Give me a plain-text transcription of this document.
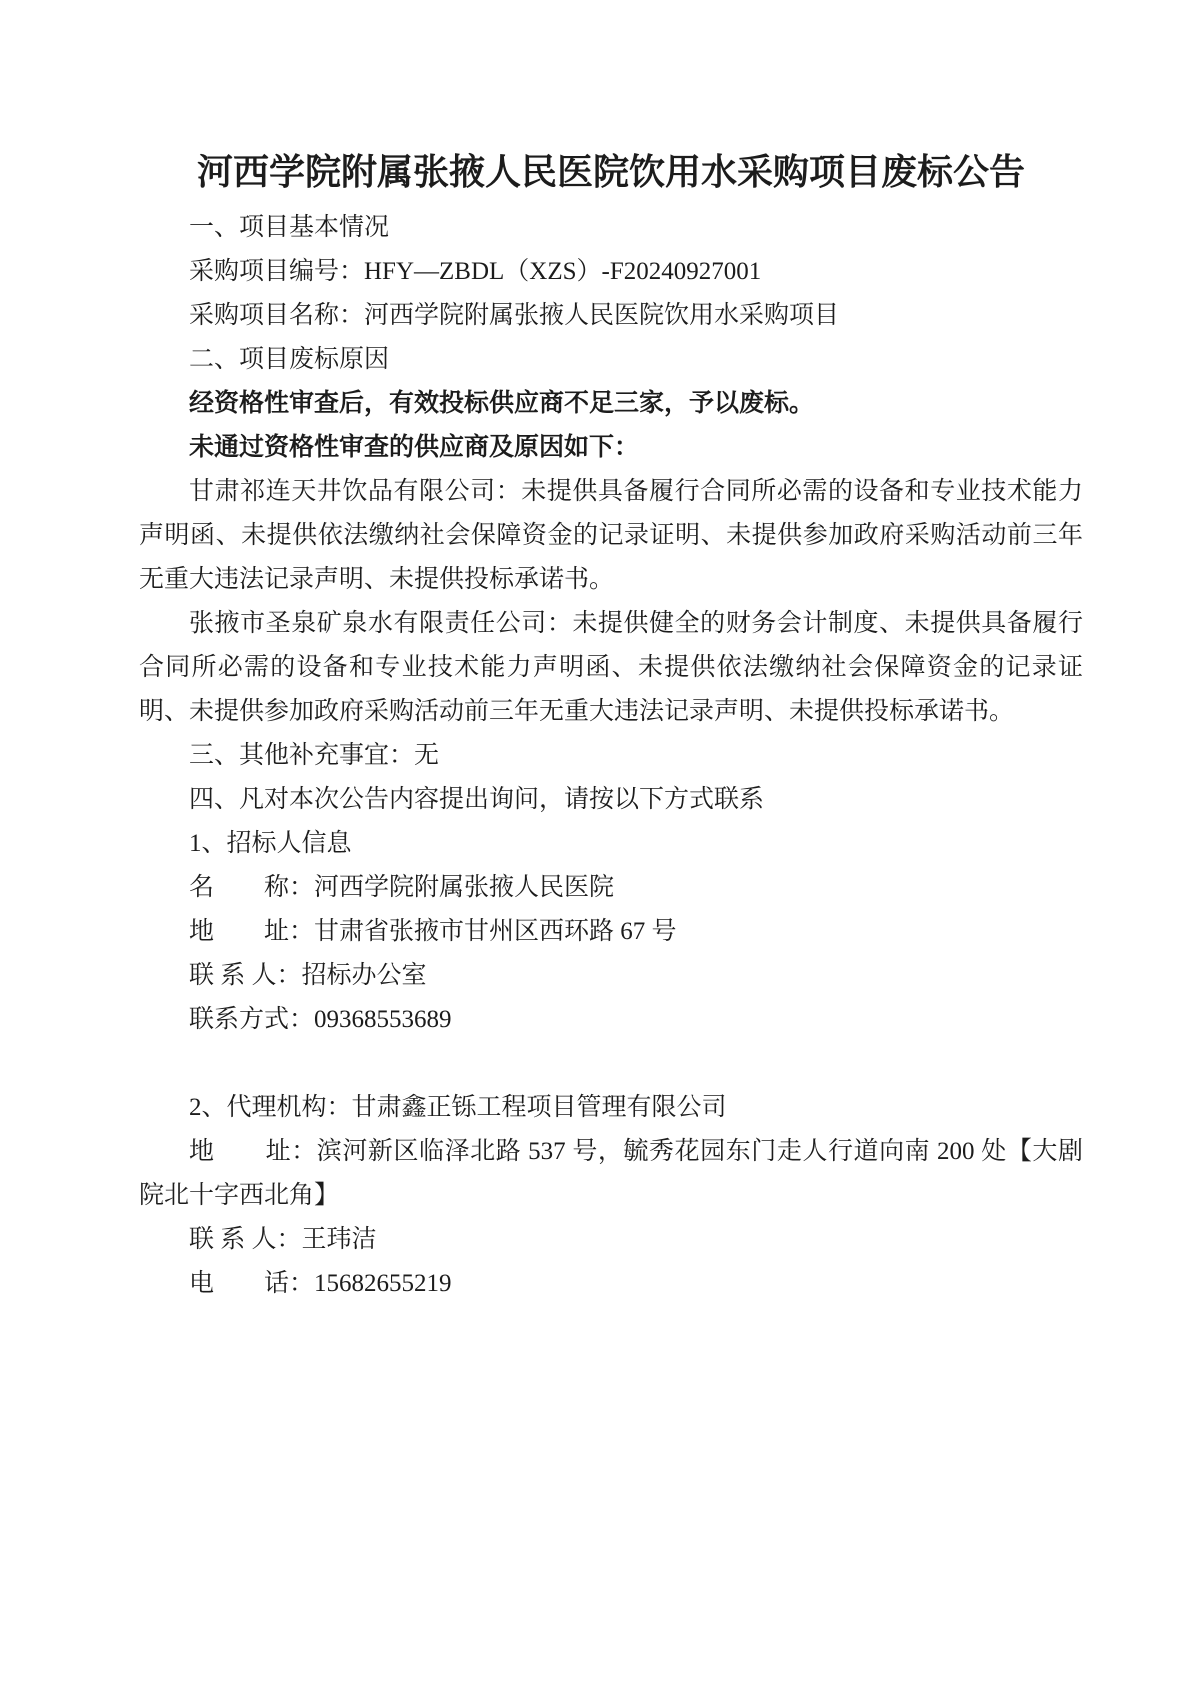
河西学院附属张掖人民医院饮用水采购项目废标公告

一、项目基本情况

采购项目编号：HFY—ZBDL（XZS）-F20240927001

采购项目名称：河西学院附属张掖人民医院饮用水采购项目

二、项目废标原因

经资格性审查后，有效投标供应商不足三家，予以废标。

未通过资格性审查的供应商及原因如下：

甘肃祁连天井饮品有限公司：未提供具备履行合同所必需的设备和专业技术能力声明函、未提供依法缴纳社会保障资金的记录证明、未提供参加政府采购活动前三年无重大违法记录声明、未提供投标承诺书。

张掖市圣泉矿泉水有限责任公司：未提供健全的财务会计制度、未提供具备履行合同所必需的设备和专业技术能力声明函、未提供依法缴纳社会保障资金的记录证明、未提供参加政府采购活动前三年无重大违法记录声明、未提供投标承诺书。

三、其他补充事宜：无

四、凡对本次公告内容提出询问，请按以下方式联系

1、招标人信息

名　　称：河西学院附属张掖人民医院

地　　址：甘肃省张掖市甘州区西环路 67 号

联 系 人：招标办公室

联系方式：09368553689

2、代理机构：甘肃鑫正铄工程项目管理有限公司

地　　址：滨河新区临泽北路 537 号，毓秀花园东门走人行道向南 200 处【大剧院北十字西北角】

联 系 人：王玮洁

电　　话：15682655219
